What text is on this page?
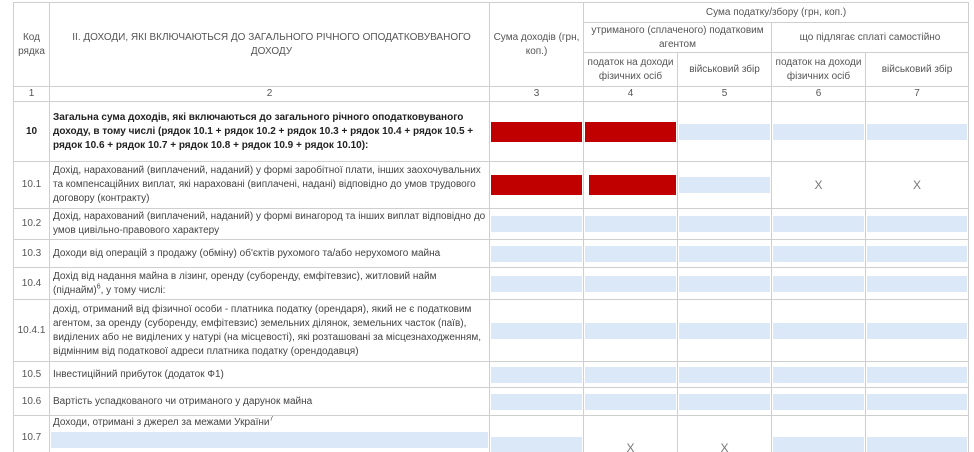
Код рядка	ІІ. ДОХОДИ, ЯКІ ВКЛЮЧАЮТЬСЯ ДО ЗАГАЛЬНОГО РІЧНОГО ОПОДАТКОВУВАНОГО ДОХОДУ	Сума доходів (грн, коп.)	Сума податку/збору (грн, коп.)			
			утриманого (сплаченого) податковим агентом		що підлягає сплаті самостійно	
			податок на доходи фізичних осіб	військовий збір	податок на доходи фізичних осіб	військовий збір
1	2	3	4	5	6	7
10	Загальна сума доходів, які включаються до загального річного оподатковуваного доходу, в тому числі (рядок 10.1 + рядок 10.2 + рядок 10.3 + рядок 10.4 + рядок 10.5 + рядок 10.6 + рядок 10.7 + рядок 10.8 + рядок 10.9 + рядок 10.10):	

10.1	Дохід, нарахований (виплачений, наданий) у формі заробітної плати, інших заохочувальних та компенсаційних виплат, які нараховані (виплачені, надані) відповідно до умов трудового договору (контракту)				X	X
10.2	Дохід, нарахований (виплачений, наданий) у формі винагород та інших виплат відповідно до умов цивільно-правового характеру	

10.3	Доходи від операцій з продажу (обміну) об'єктів рухомого та/або нерухомого майна	

10.4	Дохід від надання майна в лізинг, оренду (суборенду, емфітевзис), житловий найм (піднайм)$^6$, у тому числі:	

10.4.1	дохід, отриманий від фізичної особи - платника податку (орендаря), який не є податковим агентом, за оренду (суборенду, емфітевзис) земельних ділянок, земельних часток (паїв), виділених або не виділених у натурі (на місцевості), які розташовані за місцезнаходженням, відмінним від податкової адреси платника податку (орендодавця)	

10.5	Інвестиційний прибуток (додаток Ф1)	

10.6	Вартість успадкованого чи отриманого у дарунок майна	

10.7	Доходи, отримані з джерел за межами України$^7$		X	X	
